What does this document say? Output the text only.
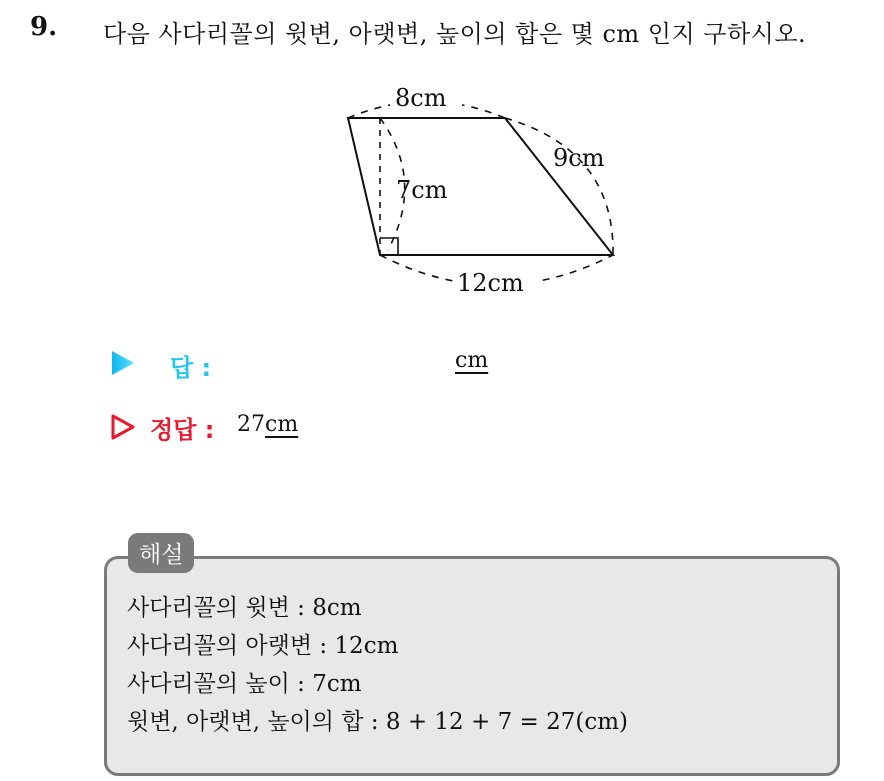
9. 다음 사다리꼴의 윗변, 아랫변, 높이의 합은 몇 cm 인지 구하시오.
8cm
9cm
7cm
12cm
답 :	cm
정답 : 27cm
사다리꼴의 윗변 : 8cm
사다리꼴의 아랫변 : 12cm
사다리꼴의 높이 : 7cm
윗변, 아랫변, 높이의 합 : 8 + 12 + 7 = 27(cm)
해설
